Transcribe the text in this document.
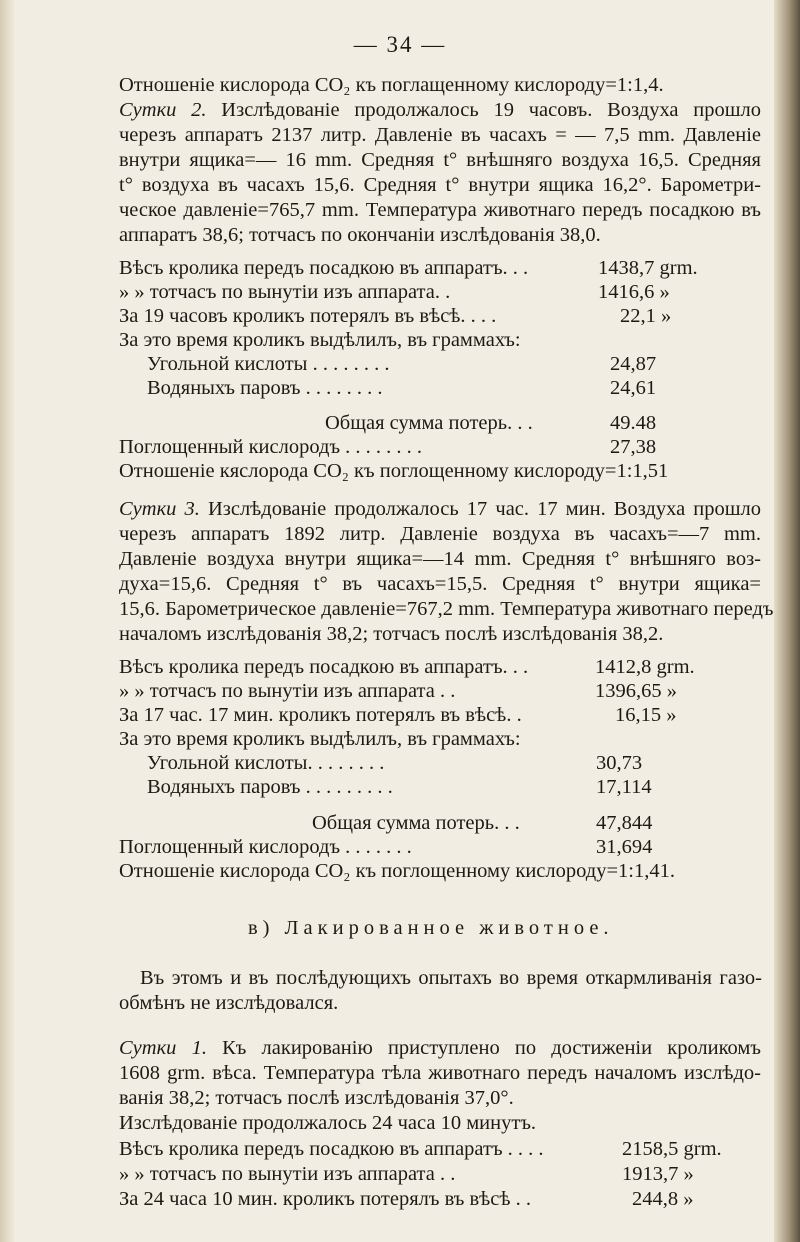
— 34 —
Отношеніе кислорода CO₂ къ поглащенному кислороду=1:1,4.
Сутки 2. Изслѣдованіе продолжалось 19 часовъ. Воздуха прошло
черезъ аппаратъ 2137 литр. Давленіе въ часахъ = — 7,5 mm. Давленіе
внутри ящика=— 16 mm. Средняя t° внѣшняго воздуха 16,5. Средняя
t° воздуха въ часахъ 15,6. Средняя t° внутри ящика 16,2°. Барометри-
ческое давленіе=765,7 mm. Температура животнаго передъ посадкою въ
аппаратъ 38,6; тотчасъ по окончаніи изслѣдованія 38,0.
Вѣсъ кролика передъ посадкою въ аппаратъ. . .	1438,7 grm.
» » тотчасъ по вынутіи изъ аппарата. .	1416,6 »
За 19 часовъ кроликъ потерялъ въ вѣсѣ. . . .	22,1 »
За это время кроликъ выдѣлилъ, въ граммахъ:
Угольной кислоты . . . . . . . .	24,87
Водяныхъ паровъ . . . . . . . .	24,61
Общая сумма потерь. . .	49.48
Поглощенный кислородъ . . . . . . . .	27,38
Отношеніе кяслорода CO₂ къ поглощенному кислороду=1:1,51
Сутки 3. Изслѣдованіе продолжалось 17 час. 17 мин. Воздуха прошло
черезъ аппаратъ 1892 литр. Давленіе воздуха въ часахъ=—7 mm.
Давленіе воздуха внутри ящика=—14 mm. Средняя t° внѣшняго воз-
духа=15,6. Средняя t° въ часахъ=15,5. Средняя t° внутри ящика=
15,6. Барометрическое давленіе=767,2 mm. Температура животнаго передъ
началомъ изслѣдованія 38,2; тотчасъ послѣ изслѣдованія 38,2.
Вѣсъ кролика передъ посадкою въ аппаратъ. . .	1412,8 grm.
» » тотчасъ по вынутіи изъ аппарата . .	1396,65 »
За 17 час. 17 мин. кроликъ потерялъ въ вѣсѣ. .	16,15 »
За это время кроликъ выдѣлилъ, въ граммахъ:
Угольной кислоты. . . . . . . .	30,73
Водяныхъ паровъ . . . . . . . . .	17,114
Общая сумма потерь. . .	47,844
Поглощенный кислородъ . . . . . . .	31,694
Отношеніе кислорода CO₂ къ поглощенному кислороду=1:1,41.
в) Лакированное животное.
Въ этомъ и въ послѣдующихъ опытахъ во время откармливанія газо-
обмѣнъ не изслѣдовался.
Сутки 1. Къ лакированію приступлено по достиженіи кроликомъ
1608 grm. вѣса. Температура тѣла животнаго передъ началомъ изслѣдо-
ванія 38,2; тотчасъ послѣ изслѣдованія 37,0°.
Изслѣдованіе продолжалось 24 часа 10 минутъ.
Вѣсъ кролика передъ посадкою въ аппаратъ . . . .	2158,5 grm.
» » тотчасъ по вынутіи изъ аппарата . .	1913,7 »
За 24 часа 10 мин. кроликъ потерялъ въ вѣсѣ . .	244,8 »
